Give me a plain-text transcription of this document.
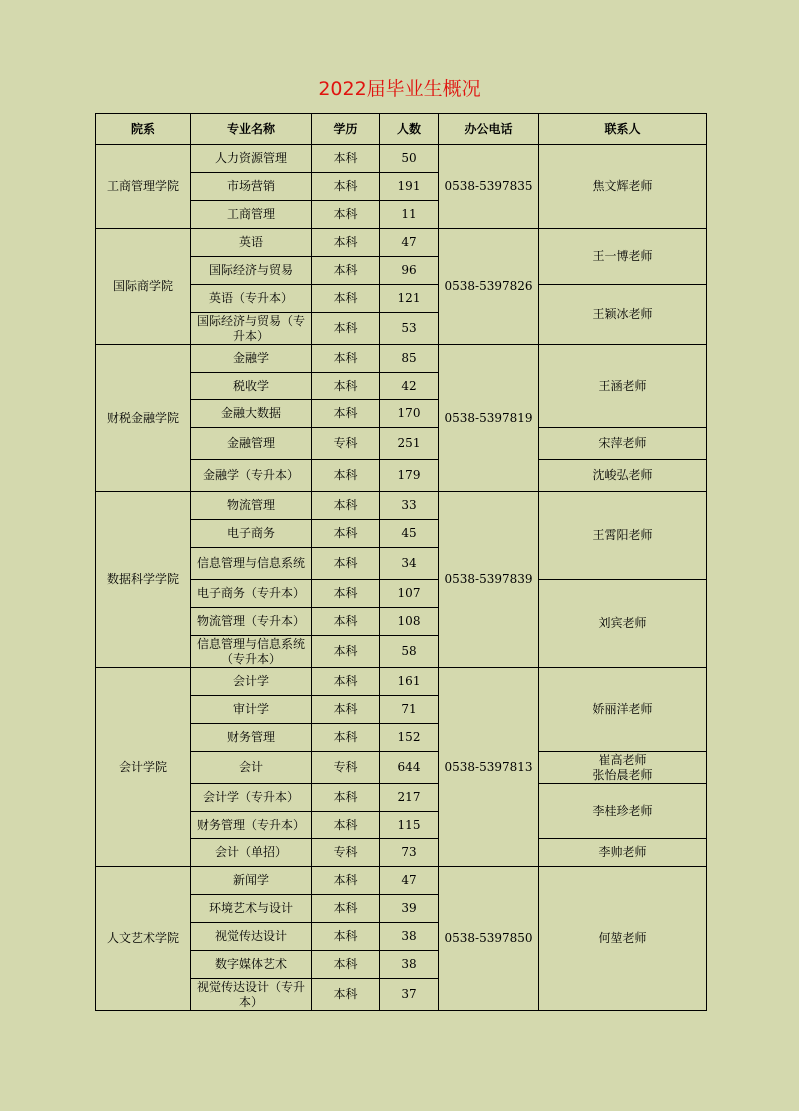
2022届毕业生概况
院系	专业名称	学历	人数	办公电话	联系人
工商管理学院	人力资源管理	本科	50	0538-5397835	焦文辉老师
	市场营销	本科	191		
	工商管理	本科	11		
国际商学院	英语	本科	47	0538-5397826	王一博老师
	国际经济与贸易	本科	96		
	英语（专升本）	本科	121		王颖冰老师
	国际经济与贸易（专升本）	本科	53		
财税金融学院	金融学	本科	85	0538-5397819	王涵老师
	税收学	本科	42		
	金融大数据	本科	170		
	金融管理	专科	251		宋萍老师
	金融学（专升本）	本科	179		沈峻弘老师
数据科学学院	物流管理	本科	33	0538-5397839	王霄阳老师
	电子商务	本科	45		
	信息管理与信息系统	本科	34		
	电子商务（专升本）	本科	107		刘宾老师
	物流管理（专升本）	本科	108		
	信息管理与信息系统（专升本）	本科	58		
会计学院	会计学	本科	161	0538-5397813	娇丽洋老师
	审计学	本科	71		
	财务管理	本科	152		
	会计	专科	644		崔高老师
张怡晨老师

	会计学（专升本）	本科	217		李桂珍老师
	财务管理（专升本）	本科	115		
	会计（单招）	专科	73		李帅老师
人文艺术学院	新闻学	本科	47	0538-5397850	何堃老师
	环境艺术与设计	本科	39		
	视觉传达设计	本科	38		
	数字媒体艺术	本科	38		
	视觉传达设计（专升本）	本科	37		
